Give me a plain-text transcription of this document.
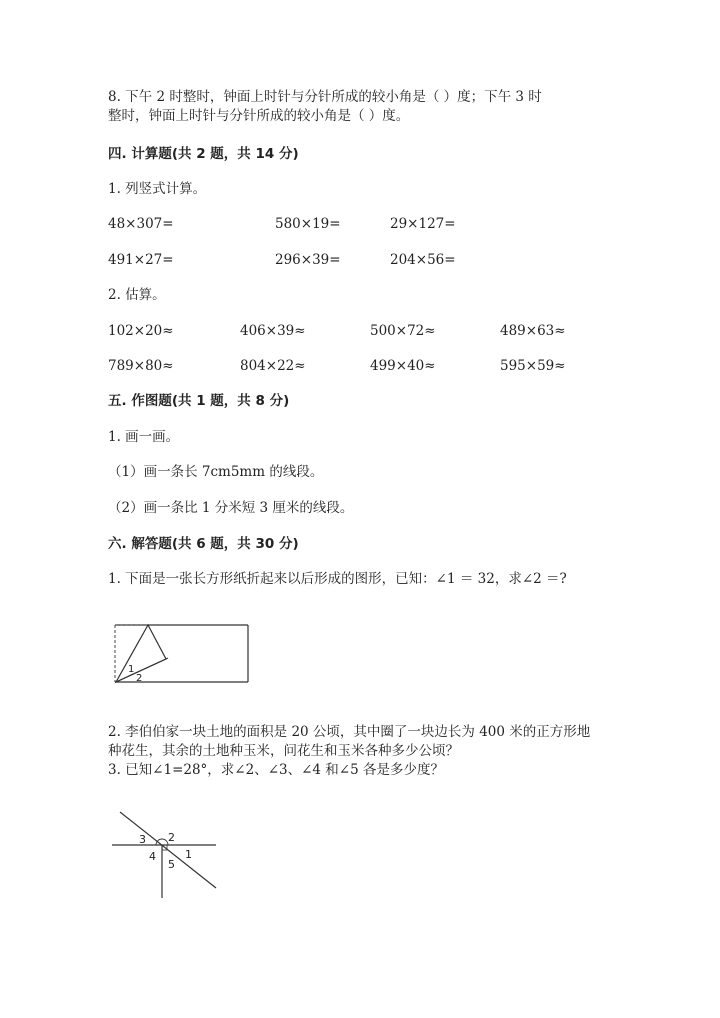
8. 下午 2 时整时，钟面上时针与分针所成的较小角是（ ）度；下午 3 时
整时，钟面上时针与分针所成的较小角是（ ）度。
四. 计算题(共 2 题，共 14 分)
1. 列竖式计算。
48×307=	580×19=	29×127=
491×27=	296×39=	204×56=
2. 估算。
102×20≈	406×39≈	500×72≈	489×63≈
789×80≈	804×22≈	499×40≈	595×59≈
五. 作图题(共 1 题，共 8 分)
1. 画一画。
（1）画一条长 7cm5mm 的线段。
（2）画一条比 1 分米短 3 厘米的线段。
六. 解答题(共 6 题，共 30 分)
1. 下面是一张长方形纸折起来以后形成的图形，已知：∠1 ＝ 32，求∠2 ＝?
1
2
2. 李伯伯家一块土地的面积是 20 公顷，其中圈了一块边长为 400 米的正方形地
种花生，其余的土地种玉米，问花生和玉米各种多少公顷？
3. 已知∠1=28°，求∠2、∠3、∠4 和∠5 各是多少度？
3 2
4
5
1
